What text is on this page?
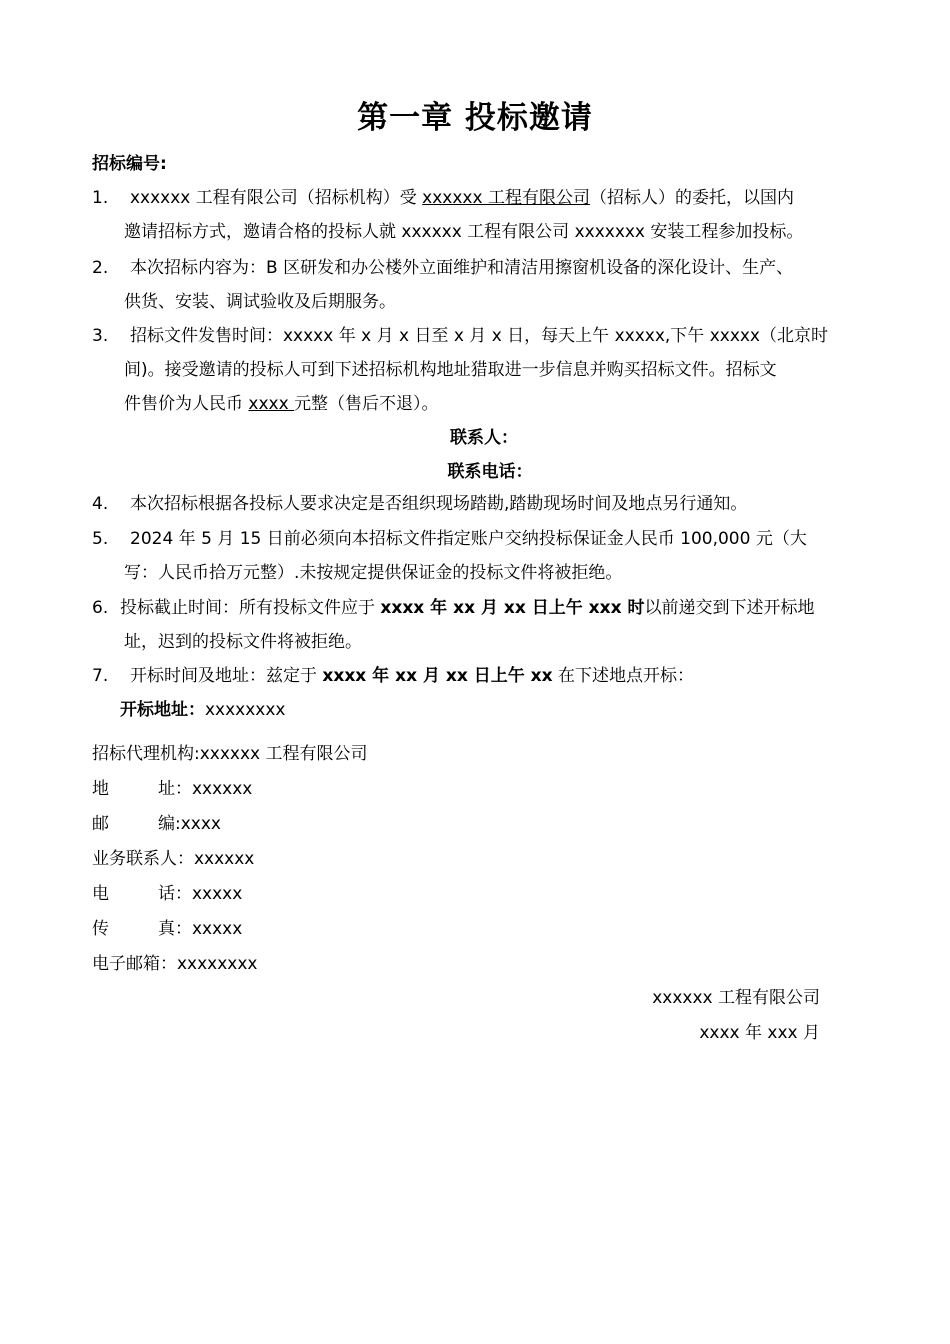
第一章 投标邀请
招标编号:
1. xxxxxx 工程有限公司（招标机构）受 xxxxxx 工程有限公司（招标人）的委托，以国内
邀请招标方式，邀请合格的投标人就 xxxxxx 工程有限公司 xxxxxxx 安装工程参加投标。
2. 本次招标内容为：B 区研发和办公楼外立面维护和清洁用擦窗机设备的深化设计、生产、
供货、安装、调试验收及后期服务。
3. 招标文件发售时间：xxxxx 年 x 月 x 日至 x 月 x 日，每天上午 xxxxx,下午 xxxxx（北京时
间)。接受邀请的投标人可到下述招标机构地址猎取进一步信息并购买招标文件。招标文
件售价为人民币 xxxx 元整（售后不退）。
联系人：
联系电话：
4. 本次招标根据各投标人要求决定是否组织现场踏勘,踏勘现场时间及地点另行通知。
5. 2024 年 5 月 15 日前必须向本招标文件指定账户交纳投标保证金人民币 100,000 元（大
写：人民币拾万元整）.未按规定提供保证金的投标文件将被拒绝。
6. 投标截止时间：所有投标文件应于 xxxx 年 xx 月 xx 日上午 xxx 时以前递交到下述开标地
址，迟到的投标文件将被拒绝。
7. 开标时间及地址：兹定于 xxxx 年 xx 月 xx 日上午 xx 在下述地点开标：
开标地址：xxxxxxxx
招标代理机构:xxxxxx 工程有限公司
地	址：xxxxxx
邮	编:xxxx
业务联系人：xxxxxx
电	话：xxxxx
传	真：xxxxx
电子邮箱：xxxxxxxx
xxxxxx 工程有限公司
xxxx 年 xxx 月
